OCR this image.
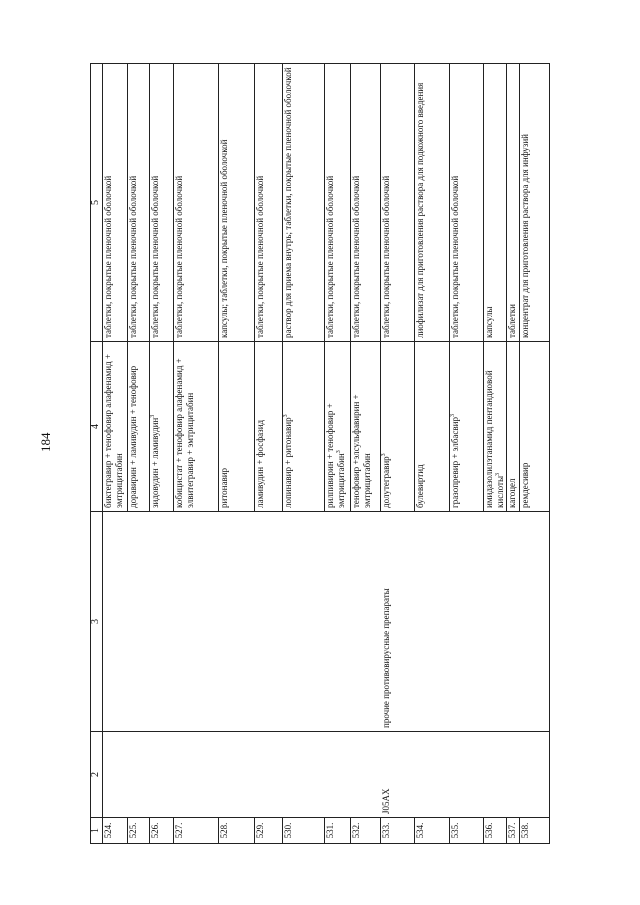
184
1	2	3	4	5
524.			биктегравир + тенофовир алафенамид + эмтрицитабин	таблетки, покрытые пленочной оболочкой
525.			доравирин + ламивудин + тенофовир	таблетки, покрытые пленочной оболочкой
526.			зидовудин + ламивудин$^3$	таблетки, покрытые пленочной оболочкой
527.			кобицистат + тенофовир алафенамид + элвитегравир + эмтрицитабин	таблетки, покрытые пленочной оболочкой
528.			ритонавир	капсулы; таблетки, покрытые пленочной оболочкой
529.			ламивудин + фосфазид	таблетки, покрытые пленочной оболочкой
530.			лопинавир + ритонавир$^3$	раствор для приема внутрь; таблетки, покрытые пленочной оболочкой
531.			рилпивирин + тенофовир + эмтрицитабин$^3$	таблетки, покрытые пленочной оболочкой
532.			тенофовир +элсульфавирин + эмтрицитабин	таблетки, покрытые пленочной оболочкой
533.	J05AX	прочие противовирусные препараты	долутегравир$^3$	таблетки, покрытые пленочной оболочкой
534.			булевиртид	лиофилизат для приготовления раствора для подкожного введения
535.			гразопревир + элбасвир$^3$	таблетки, покрытые пленочной оболочкой
536.			имидазолилэтанамид пентандиовой кислоты$^3$	капсулы
537.			кагоцел	таблетки
538.			ремдесивир	концентрат для приготовления раствора для инфузий
